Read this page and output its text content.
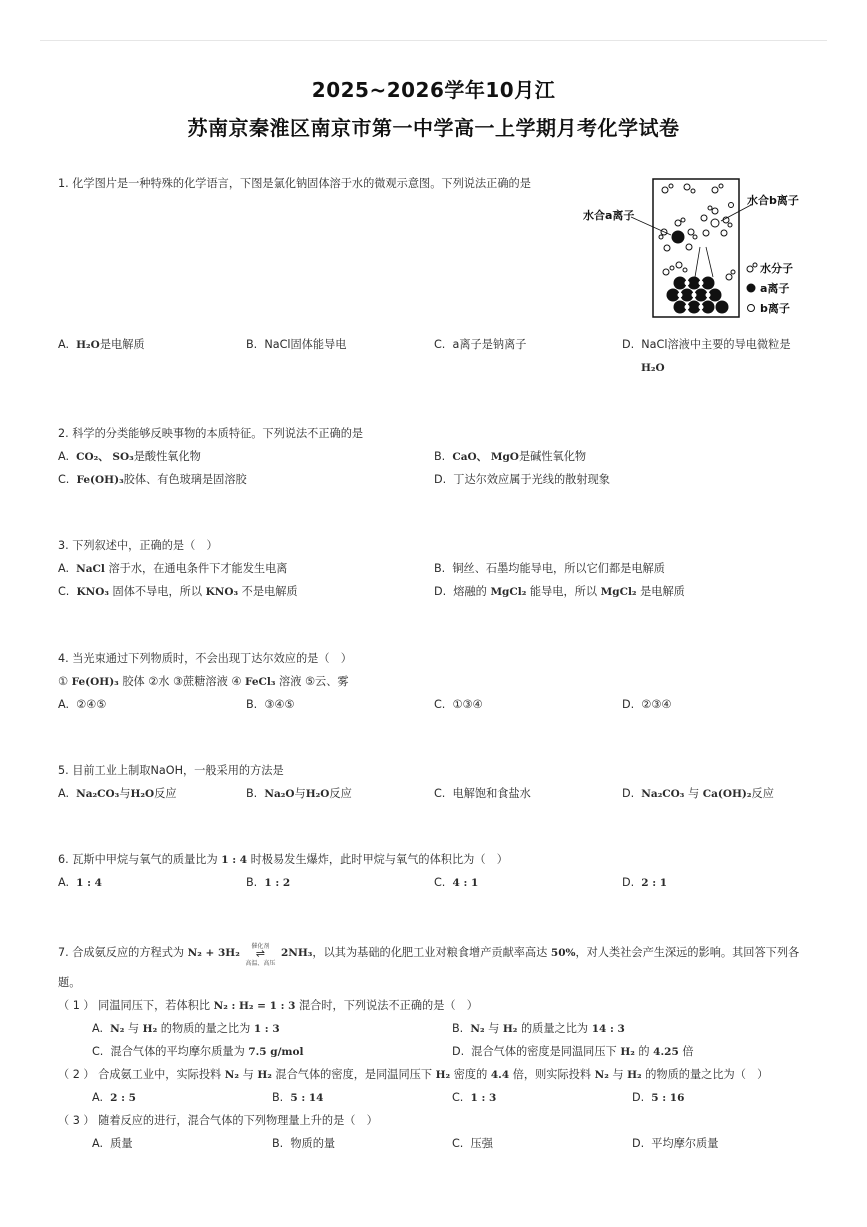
2025~2026学年10月江
苏南京秦淮区南京市第一中学高一上学期月考化学试卷
1. 化学图片是一种特殊的化学语言，下图是氯化钠固体溶于水的微观示意图。下列说法正确的是
水合a离子
水合b离子
水分子
a离子
b离子
A. H₂O是电解质	B. NaCl固体能导电	C. a离子是钠离子	D. NaCl溶液中主要的导电微粒是
H₂O
2. 科学的分类能够反映事物的本质特征。下列说法不正确的是
A. CO₂、 SO₃是酸性氧化物	B. CaO、 MgO是碱性氧化物
C. Fe(OH)₃胶体、有色玻璃是固溶胶	D. 丁达尔效应属于光线的散射现象
3. 下列叙述中，正确的是（　）
A. NaCl 溶于水，在通电条件下才能发生电离	B. 铜丝、石墨均能导电，所以它们都是电解质
C. KNO₃ 固体不导电，所以 KNO₃ 不是电解质	D. 熔融的 MgCl₂ 能导电，所以 MgCl₂ 是电解质
4. 当光束通过下列物质时，不会出现丁达尔效应的是（　）
① Fe(OH)₃ 胶体 ②水 ③蔗糖溶液 ④ FeCl₃ 溶液 ⑤云、雾
A. ②④⑤	B. ③④⑤	C. ①③④	D. ②③④
5. 目前工业上制取NaOH，一般采用的方法是
A. Na₂CO₃与H₂O反应	B. Na₂O与H₂O反应	C. 电解饱和食盐水	D. Na₂CO₃ 与 Ca(OH)₂反应
6. 瓦斯中甲烷与氧气的质量比为 1 : 4 时极易发生爆炸，此时甲烷与氧气的体积比为（　）
A. 1 : 4	B. 1 : 2	C. 4 : 1	D. 2 : 1
7. 合成氨反应的方程式为 N₂ + 3H₂
催化剂
⇌
高温、高压
2NH₃，以其为基础的化肥工业对粮食增产贡献率高达 50%，对人类社会产生深远的影响。其回答下列各
题。
（ 1 ） 同温同压下，若体积比 N₂ : H₂ = 1 : 3 混合时，下列说法不正确的是（　）
A. N₂ 与 H₂ 的物质的量之比为 1 : 3	B. N₂ 与 H₂ 的质量之比为 14 : 3
C. 混合气体的平均摩尔质量为 7.5 g/mol	D. 混合气体的密度是同温同压下 H₂ 的 4.25 倍
（ 2 ） 合成氨工业中，实际投料 N₂ 与 H₂ 混合气体的密度，是同温同压下 H₂ 密度的 4.4 倍，则实际投料 N₂ 与 H₂ 的物质的量之比为（　）
A. 2 : 5	B. 5 : 14	C. 1 : 3	D. 5 : 16
（ 3 ） 随着反应的进行，混合气体的下列物理量上升的是（　）
A. 质量	B. 物质的量	C. 压强	D. 平均摩尔质量
